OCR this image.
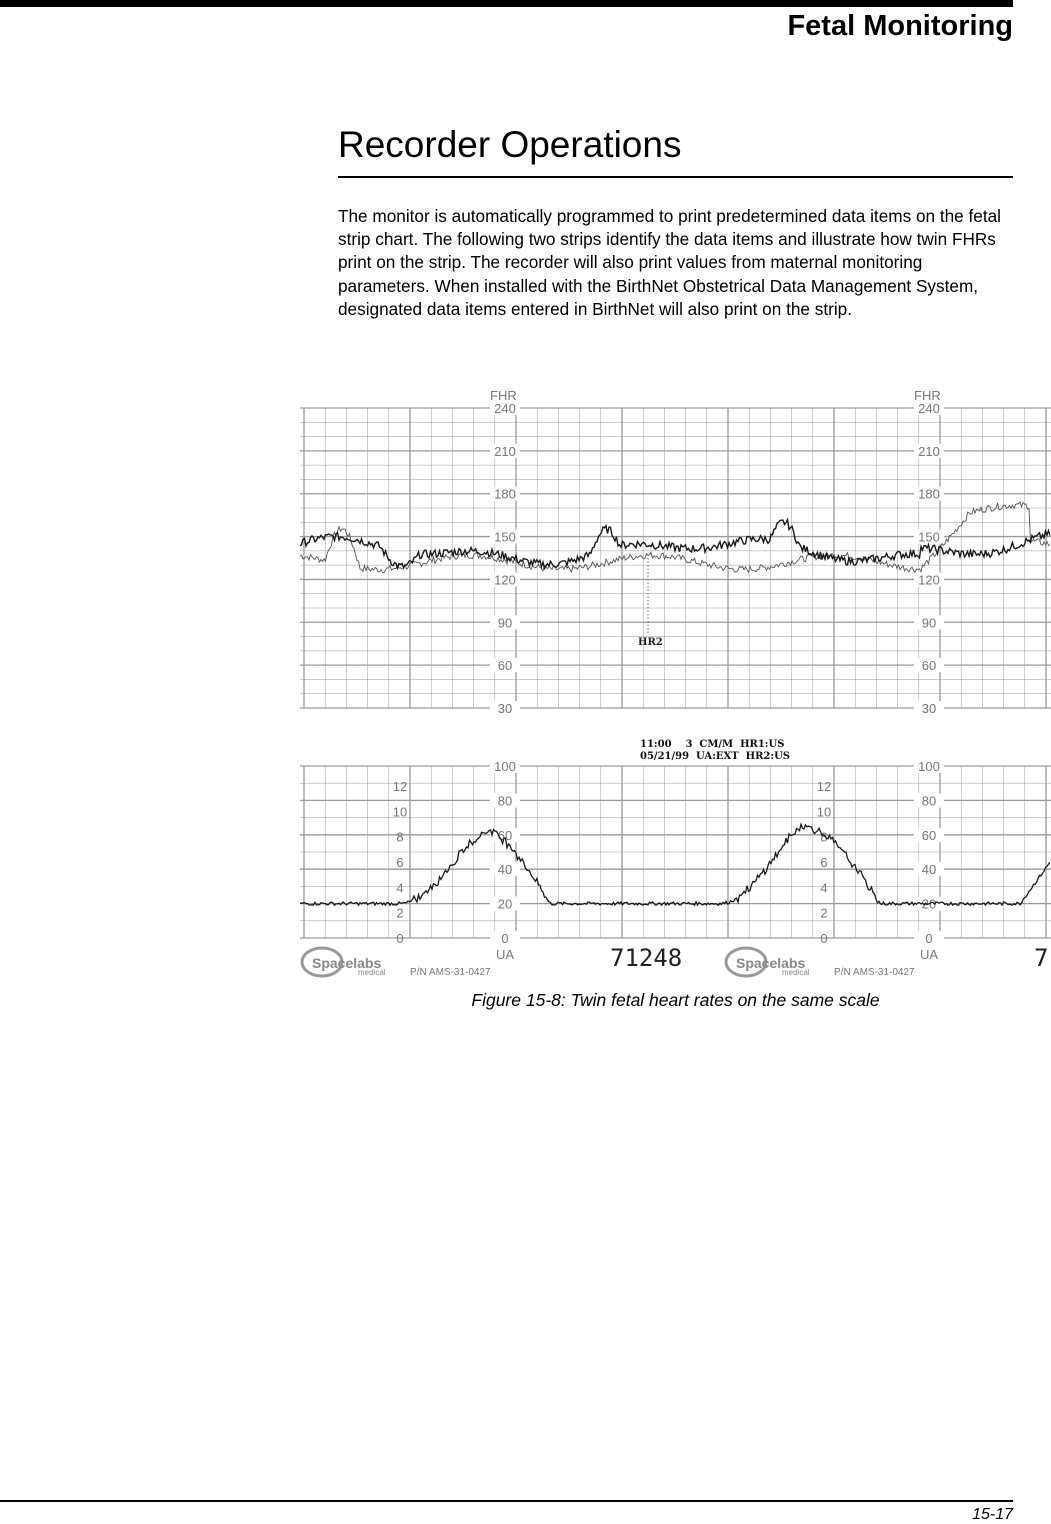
Fetal Monitoring
Recorder Operations

The monitor is automatically programmed to print predetermined data items on the fetal strip chart. The following two strips identify the data items and illustrate how twin FHRs print on the strip. The recorder will also print values from maternal monitoring parameters. When installed with the BirthNet Obstetrical Data Management System, designated data items entered in BirthNet will also print on the strip.

240
210
180
150
120
90
60
30
100
80
60
40
20
0
12
10
8
6
4
2
0
240
210
180
150
120
90
60
30
100
80
60
40
20
0
12
10
8
6
4
2
0
FHR	FHR
HR2
11:00    3  CM/M  HR1:US
05/21/99  UA:EXT  HR2:US
UA	UA
Spacelabs
medical P/N AMS-31-0427
71248	Spacelabs
medical P/N AMS-31-0427
7
Figure 15-8: Twin fetal heart rates on the same scale
15-17
